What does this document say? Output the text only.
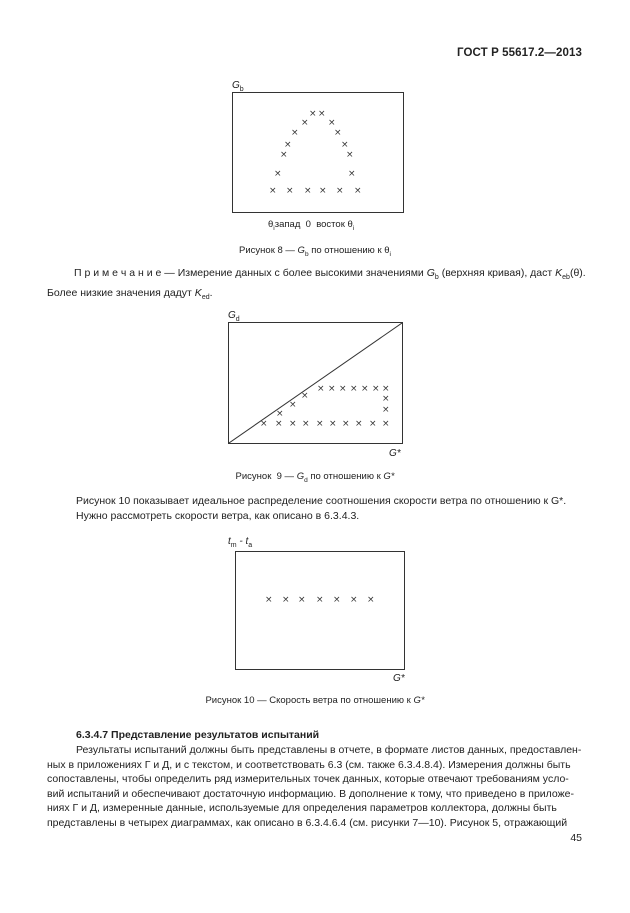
ГОСТ Р 55617.2—2013
$G_b$
× ×
× ×
×	×
×	×
×	×
×	×
× × × × × ×
$\theta_iзапад$  0  восток $\theta_i$
Рисунок 8 — $G_b$ по отношению к $\theta_i$
П р и м е ч а н и е — Измерение данных с более высокими значениями $G_b$ (верхняя кривая), даст $K_{eb}(\theta)$.
Более низкие значения дадут $K_{ed}$.
$G_d$
× × × × × × ×
×	×
×	×
×
× × × × × × × × × ×
G*
Рисунок  9 — $G_d$ по отношению к G*
Рисунок 10 показывает идеальное распределение соотношения скорости ветра по отношению к G*.
Нужно рассмотреть скорости ветра, как описано в 6.3.4.3.
$t_m - t_a$
× × × × × × ×
G*
Рисунок 10 — Скорость ветра по отношению к G*
6.3.4.7 Представление результатов испытаний
Результаты испытаний должны быть представлены в отчете, в формате листов данных, предоставлен-
ных в приложениях Г и Д, и с текстом, и соответствовать 6.3 (см. также 6.3.4.8.4). Измерения должны быть
сопоставлены, чтобы определить ряд измерительных точек данных, которые отвечают требованиям усло-
вий испытаний и обеспечивают достаточную информацию. В дополнение к тому, что приведено в приложе-
ниях Г и Д, измеренные данные, используемые для определения параметров коллектора, должны быть
представлены в четырех диаграммах, как описано в 6.3.4.6.4 (см. рисунки 7—10). Рисунок 5, отражающий
45
